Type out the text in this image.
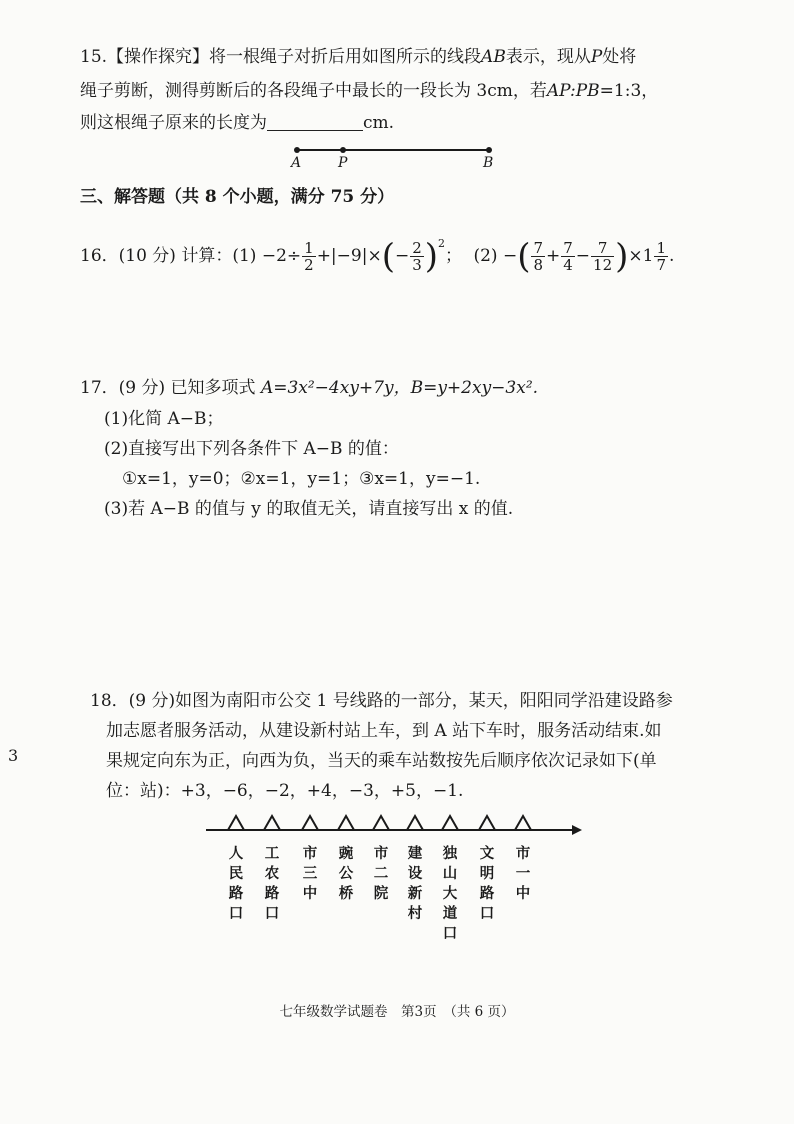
15.【操作探究】将一根绳子对折后用如图所示的线段AB表示，现从P处将
绳子剪断，测得剪断后的各段绳子中最长的一段长为 3cm，若AP:PB=1:3，
则这根绳子原来的长度为	cm.
A	P	B
三、解答题（共 8 个小题，满分 75 分）
16．(10 分) 计算：$(1) -2\div \frac{1}{2} +|-9|\times(- \frac{2}{3} )^2$； (2) −( $\frac{7}{8} + \frac{7}{4} - \frac{7}{12} )\times 1 \frac{1}{7}$ .
17．(9 分) 已知多项式 A=3x²−4xy+7y，B=y+2xy−3x².
(1)化简 A−B；
(2)直接写出下列各条件下 A−B 的值：
①x=1，y=0；②x=1，y=1；③x=1，y=−1.
(3)若 A−B 的值与 y 的取值无关，请直接写出 x 的值.
18．(9 分)如图为南阳市公交 1 号线路的一部分，某天，阳阳同学沿建设路参
加志愿者服务活动，从建设新村站上车，到 A 站下车时，服务活动结束.如
果规定向东为正，向西为负，当天的乘车站数按先后顺序依次记录如下(单
位：站)：+3，−6，−2，+4，−3，+5，−1.
人民路口
工农路口
市三中
豌公桥
市二院
建设新村
独山大道口
文明路口
市一中
3
七年级数学试题卷　第3页　（共 6 页）
